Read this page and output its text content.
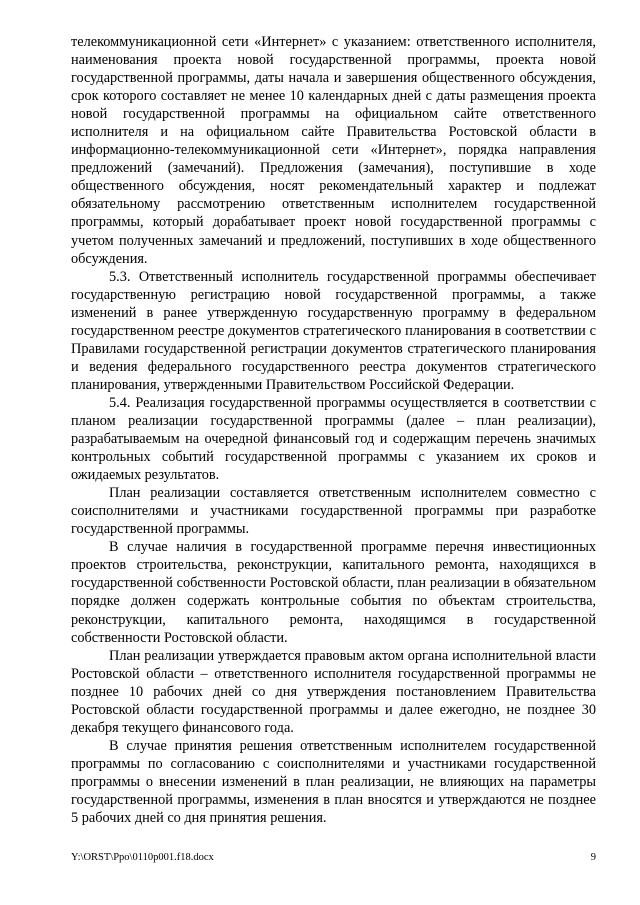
телекоммуникационной сети «Интернет» с указанием: ответственного исполнителя, наименования проекта новой государственной программы, проекта новой государственной программы, даты начала и завершения общественного обсуждения, срок которого составляет не менее 10 календарных дней с даты размещения проекта новой государственной программы на официальном сайте ответственного исполнителя и на официальном сайте Правительства Ростовской области в информационно-телекоммуникационной сети «Интернет», порядка направления предложений (замечаний). Предложения (замечания), поступившие в ходе общественного обсуждения, носят рекомендательный характер и подлежат обязательному рассмотрению ответственным исполнителем государственной программы, который дорабатывает проект новой государственной программы с учетом полученных замечаний и предложений, поступивших в ходе общественного обсуждения.

5.3. Ответственный исполнитель государственной программы обеспечивает государственную регистрацию новой государственной программы, а также изменений в ранее утвержденную государственную программу в федеральном государственном реестре документов стратегического планирования в соответствии с Правилами государственной регистрации документов стратегического планирования и ведения федерального государственного реестра документов стратегического планирования, утвержденными Правительством Российской Федерации.

5.4. Реализация государственной программы осуществляется в соответствии с планом реализации государственной программы (далее – план реализации), разрабатываемым на очередной финансовый год и содержащим перечень значимых контрольных событий государственной программы с указанием их сроков и ожидаемых результатов.

План реализации составляется ответственным исполнителем совместно с соисполнителями и участниками государственной программы при разработке государственной программы.

В случае наличия в государственной программе перечня инвестиционных проектов строительства, реконструкции, капитального ремонта, находящихся в государственной собственности Ростовской области, план реализации в обязательном порядке должен содержать контрольные события по объектам строительства, реконструкции, капитального ремонта, находящимся в государственной собственности Ростовской области.

План реализации утверждается правовым актом органа исполнительной власти Ростовской области – ответственного исполнителя государственной программы не позднее 10 рабочих дней со дня утверждения постановлением Правительства Ростовской области государственной программы и далее ежегодно, не позднее 30 декабря текущего финансового года.

В случае принятия решения ответственным исполнителем государственной программы по согласованию с соисполнителями и участниками государственной программы о внесении изменений в план реализации, не влияющих на параметры государственной программы, изменения в план вносятся и утверждаются не позднее 5 рабочих дней со дня принятия решения.

Y:\ORST\Ppo\0110p001.f18.docx	9
